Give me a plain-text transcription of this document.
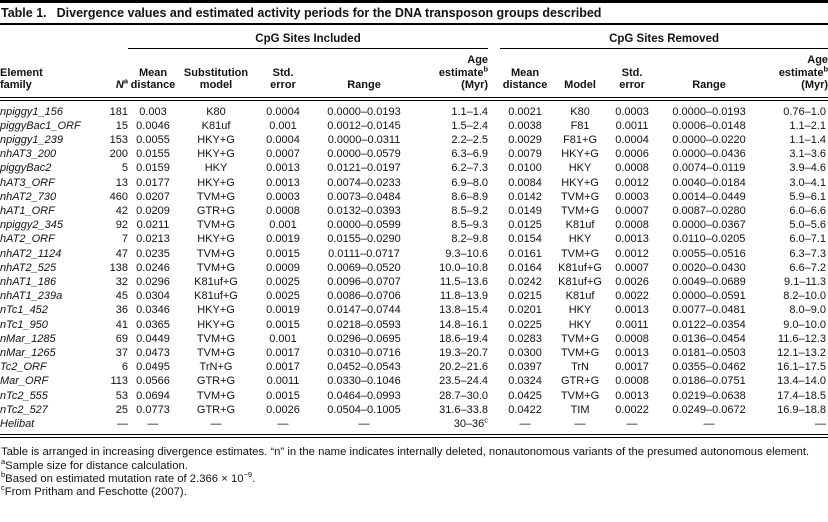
Table 1. Divergence values and estimated activity periods for the DNA transposon groups described

		CpG Sites Included						CpG Sites Removed				

Element
family	$N^a$	
Mean
distance

Substitution
model

Std.
error	Range

Age
estimate$^b$
(Myr)

Mean
distance	Model

Std.
error	Range

Age
estimate$^b$
(Myr)

npiggy1_156	181	0.003	K80	0.0004	0.0000–0.0193	1.1–1.4		0.0021	K80	0.0003	0.0000–0.0193	0.76–1.0
piggyBac1_ORF	15	0.0046	K81uf	0.001	0.0012–0.0145	1.5–2.4		0.0038	F81	0.0011	0.0006–0.0148	1.1–2.1
npiggy1_239	153	0.0055	HKY+G	0.0004	0.0000–0.0311	2.2–2.5		0.0029	F81+G	0.0004	0.0000–0.0220	1.1–1.4
nhAT3_200	200	0.0155	HKY+G	0.0007	0.0000–0.0579	6.3–6.9		0.0079	HKY+G	0.0006	0.0000–0.0436	3.1–3.6
piggyBac2	5	0.0159	HKY	0.0013	0.0121–0.0197	6.2–7.3		0.0100	HKY	0.0008	0.0074–0.0119	3.9–4.6
hAT3_ORF	13	0.0177	HKY+G	0.0013	0.0074–0.0233	6.9–8.0		0.0084	HKY+G	0.0012	0.0040–0.0184	3.0–4.1
nhAT2_730	460	0.0207	TVM+G	0.0003	0.0073–0.0484	8.6–8.9		0.0142	TVM+G	0.0003	0.0014–0.0449	5.9–6.1
hAT1_ORF	42	0.0209	GTR+G	0.0008	0.0132–0.0393	8.5–9.2		0.0149	TVM+G	0.0007	0.0087–0.0280	6.0–6.6
npiggy2_345	92	0.0211	TVM+G	0.001	0.0000–0.0599	8.5–9.3		0.0125	K81uf	0.0008	0.0000–0.0367	5.0–5.6
hAT2_ORF	7	0.0213	HKY+G	0.0019	0.0155–0.0290	8.2–9.8		0.0154	HKY	0.0013	0.0110–0.0205	6.0–7.1
nhAT2_1124	47	0.0235	TVM+G	0.0015	0.0111–0.0717	9.3–10.6		0.0161	TVM+G	0.0012	0.0055–0.0516	6.3–7.3
nhAT2_525	138	0.0246	TVM+G	0.0009	0.0069–0.0520	10.0–10.8		0.0164	K81uf+G	0.0007	0.0020–0.0430	6.6–7.2
nhAT1_186	32	0.0296	K81uf+G	0.0025	0.0096–0.0707	11.5–13.6		0.0242	K81uf+G	0.0026	0.0049–0.0689	9.1–11.3
nhAT1_239a	45	0.0304	K81uf+G	0.0025	0.0086–0.0706	11.8–13.9		0.0215	K81uf	0.0022	0.0000–0.0591	8.2–10.0
nTc1_452	36	0.0346	HKY+G	0.0019	0.0147–0.0744	13.8–15.4		0.0201	HKY	0.0013	0.0077–0.0481	8.0–9.0
nTc1_950	41	0.0365	HKY+G	0.0015	0.0218–0.0593	14.8–16.1		0.0225	HKY	0.0011	0.0122–0.0354	9.0–10.0
nMar_1285	69	0.0449	TVM+G	0.001	0.0296–0.0695	18.6–19.4		0.0283	TVM+G	0.0008	0.0136–0.0454	11.6–12.3
nMar_1265	37	0.0473	TVM+G	0.0017	0.0310–0.0716	19.3–20.7		0.0300	TVM+G	0.0013	0.0181–0.0503	12.1–13.2
Tc2_ORF	6	0.0495	TrN+G	0.0017	0.0452–0.0543	20.2–21.6		0.0397	TrN	0.0017	0.0355–0.0462	16.1–17.5
Mar_ORF	113	0.0566	GTR+G	0.0011	0.0330–0.1046	23.5–24.4		0.0324	GTR+G	0.0008	0.0186–0.0751	13.4–14.0
nTc2_555	53	0.0694	TVM+G	0.0015	0.0464–0.0993	28.7–30.0		0.0425	TVM+G	0.0013	0.0219–0.0638	17.4–18.5
nTc2_527	25	0.0773	GTR+G	0.0026	0.0504–0.1005	31.6–33.8		0.0422	TIM	0.0022	0.0249–0.0672	16.9–18.8
Helibat	—	—	—	—	—	30–36$^c$		—	—	—	—	—
Table is arranged in increasing divergence estimates. “n” in the name indicates internally deleted, nonautonomous variants of the presumed autonomous element.
$^a$Sample size for distance calculation.
$^b$Based on estimated mutation rate of $2.366 \times 10^{-9}$.
$^c$From Pritham and Feschotte (2007).
